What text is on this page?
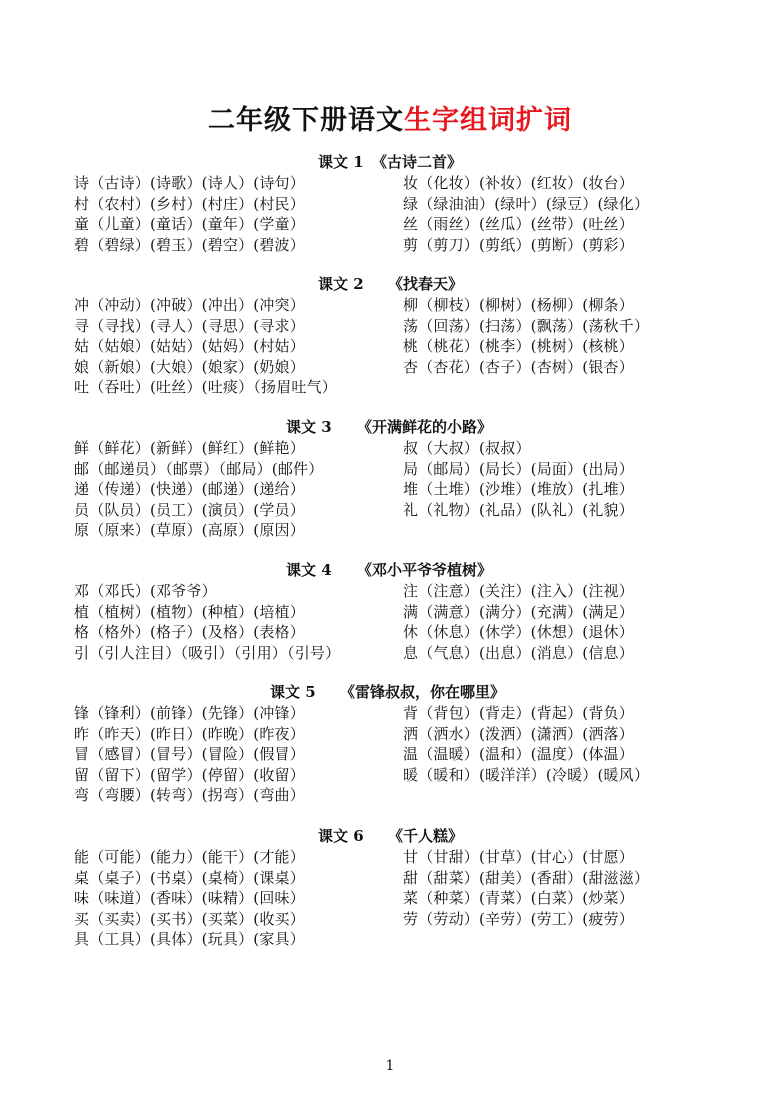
二年级下册语文生字组词扩词

课文 1

《古诗二首》

诗（古诗）(诗歌）(诗人）(诗句）
村（农村）(乡村）(村庄）(村民）
童（儿童）(童话）(童年）(学童）
碧（碧绿）(碧玉）(碧空）(碧波）
妆（化妆）(补妆）(红妆）(妆台）
绿（绿油油）(绿叶）(绿豆）(绿化）
丝（雨丝）(丝瓜）(丝带）(吐丝）
剪（剪刀）(剪纸）(剪断）(剪彩）

课文 2

《找春天》

冲（冲动）(冲破）(冲出）(冲突）
寻（寻找）(寻人）(寻思）(寻求）
姑（姑娘）(姑姑）(姑妈）(村姑）
娘（新娘）(大娘）(娘家）(奶娘）
吐（吞吐）(吐丝）(吐痰）（扬眉吐气）
柳（柳枝）(柳树）(杨柳）(柳条）
荡（回荡）(扫荡）(飘荡）(荡秋千）
桃（桃花）(桃李）(桃树）(核桃）
杏（杏花）(杏子）(杏树）(银杏）

课文 3

《开满鲜花的小路》

鲜（鲜花）(新鲜）(鲜红）(鲜艳）
邮（邮递员）（邮票）（邮局）(邮件）
递（传递）(快递）(邮递）(递给）
员（队员）(员工）(演员）(学员）
原（原来）(草原）(高原）(原因）
叔（大叔）(叔叔）
局（邮局）(局长）(局面）(出局）
堆（土堆）(沙堆）(堆放）(扎堆）
礼（礼物）(礼品）(队礼）(礼貌）

课文 4

《邓小平爷爷植树》

邓（邓氏）(邓爷爷）
植（植树）(植物）(种植）(培植）
格（格外）(格子）(及格）(表格）
引（引人注目）（吸引）（引用）（引号）
注（注意）(关注）(注入）(注视）
满（满意）(满分）(充满）(满足）
休（休息）(休学）(休想）(退休）
息（气息）(出息）(消息）(信息）

课文 5

《雷锋叔叔，你在哪里》

锋（锋利）(前锋）(先锋）(冲锋）
昨（昨天）(昨日）(昨晚）(昨夜）
冒（感冒）(冒号）(冒险）(假冒）
留（留下）(留学）(停留）(收留）
弯（弯腰）(转弯）(拐弯）(弯曲）
背（背包）(背走）(背起）(背负）
洒（洒水）(泼洒）(潇洒）(洒落）
温（温暖）(温和）(温度）(体温）
暖（暖和）(暖洋洋）(冷暖）(暖风）

课文 6

《千人糕》

能（可能）(能力）(能干）(才能）
桌（桌子）(书桌）(桌椅）(课桌）
味（味道）(香味）(味精）(回味）
买（买卖）(买书）(买菜）(收买）
具（工具）(具体）(玩具）(家具）
甘（甘甜）(甘草）(甘心）(甘愿）
甜（甜菜）(甜美）(香甜）(甜滋滋）
菜（种菜）(青菜）(白菜）(炒菜）
劳（劳动）(辛劳）(劳工）(疲劳）
1
